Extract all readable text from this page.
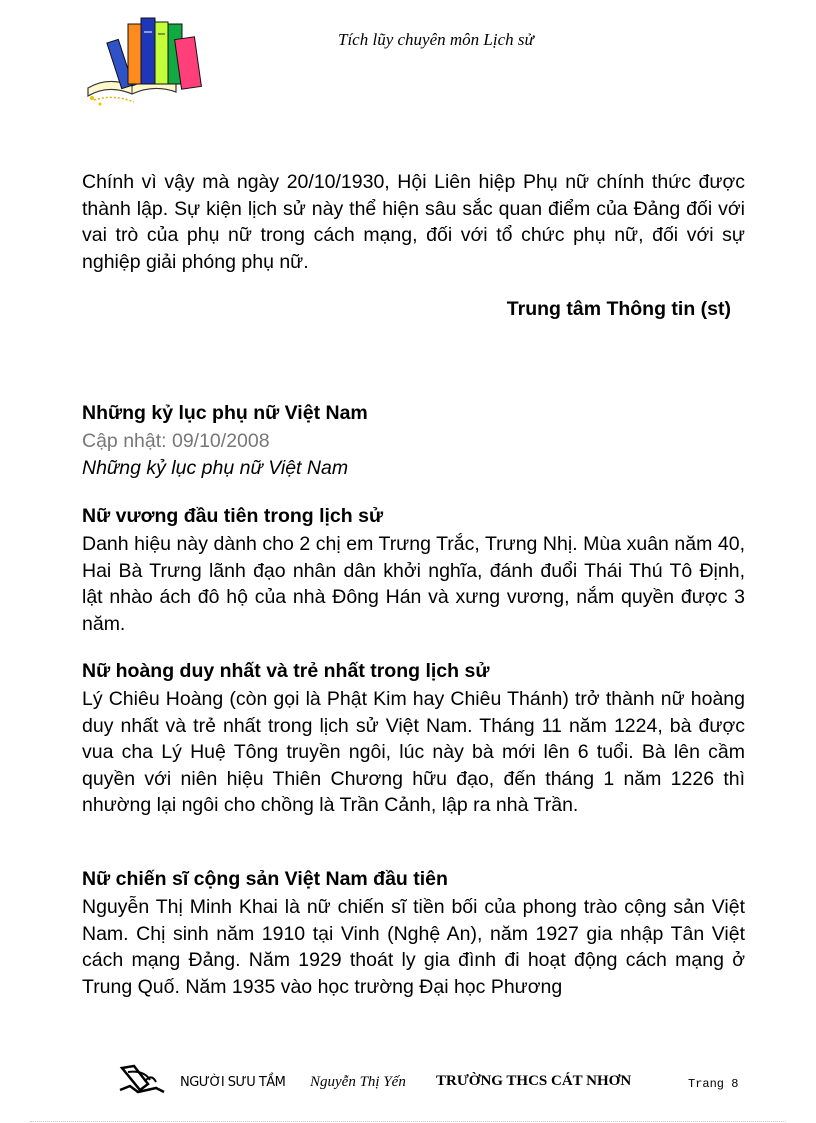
Tích lũy chuyên môn Lịch sử
Chính vì vậy mà ngày 20/10/1930, Hội Liên hiệp Phụ nữ chính thức được thành lập. Sự kiện lịch sử này thể hiện sâu sắc quan điểm của Đảng đối với vai trò của phụ nữ trong cách mạng, đối với tổ chức phụ nữ, đối với sự nghiệp giải phóng phụ nữ.
Trung tâm Thông tin (st)
Những kỷ lục phụ nữ Việt Nam
Cập nhật: 09/10/2008
Những kỷ lục phụ nữ Việt Nam
Nữ vương đầu tiên trong lịch sử
Danh hiệu này dành cho 2 chị em Trưng Trắc, Trưng Nhị. Mùa xuân năm 40, Hai Bà Trưng lãnh đạo nhân dân khởi nghĩa, đánh đuổi Thái Thú Tô Định, lật nhào ách đô hộ của nhà Đông Hán và xưng vương, nắm quyền được 3 năm.
Nữ hoàng duy nhất và trẻ nhất trong lịch sử
Lý Chiêu Hoàng (còn gọi là Phật Kim hay Chiêu Thánh) trở thành nữ hoàng duy nhất và trẻ nhất trong lịch sử Việt Nam. Tháng 11 năm 1224, bà được vua cha Lý Huệ Tông truyền ngôi, lúc này bà mới lên 6 tuổi. Bà lên cầm quyền với niên hiệu Thiên Chương hữu đạo, đến tháng 1 năm 1226 thì nhường lại ngôi cho chồng là Trần Cảnh, lập ra nhà Trần.
Nữ chiến sĩ cộng sản Việt Nam đầu tiên
Nguyễn Thị Minh Khai là nữ chiến sĩ tiền bối của phong trào cộng sản Việt Nam. Chị sinh năm 1910 tại Vinh (Nghệ An), năm 1927 gia nhập Tân Việt cách mạng Đảng. Năm 1929 thoát ly gia đình đi hoạt động cách mạng ở Trung Quố. Năm 1935 vào học trường Đại học Phương
NGƯỜI SƯU TẦM Nguyễn Thị Yến TRƯỜNG THCS CÁT NHƠN	Trang 8
